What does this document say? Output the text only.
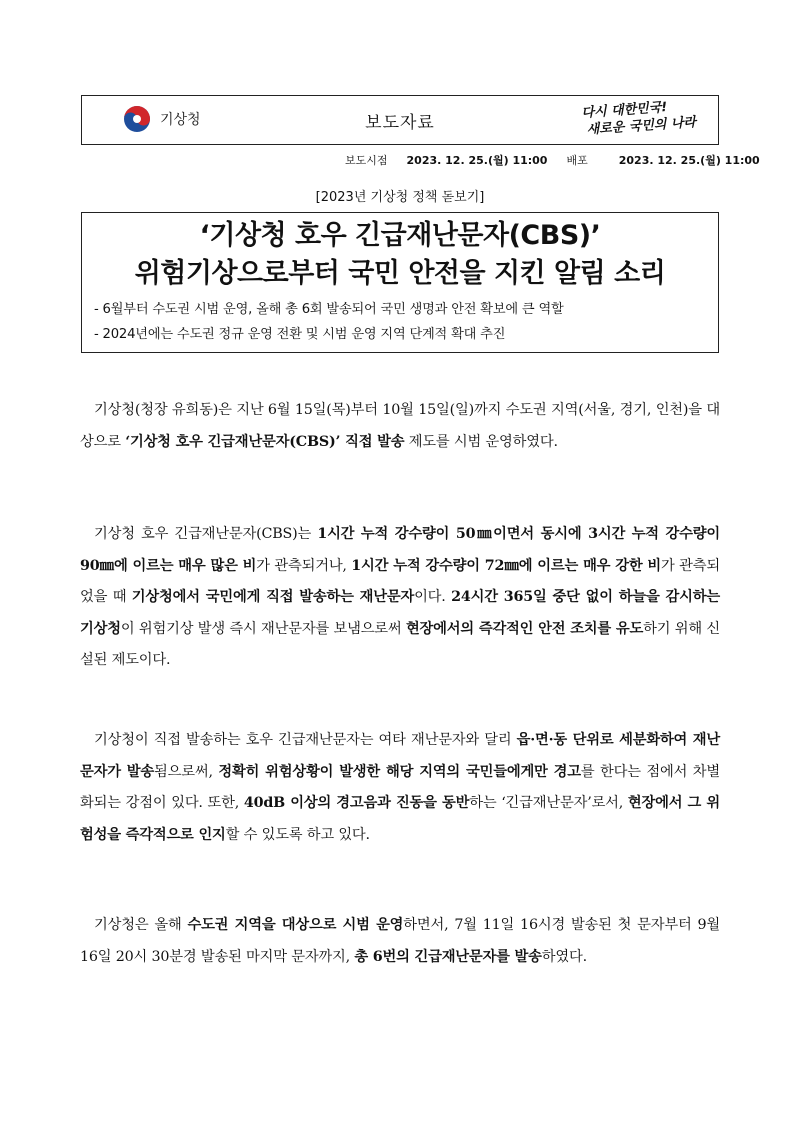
기상청	보도자료
다시 대한민국!
새로운 국민의 나라
보도시점 2023. 12. 25.(월) 11:00 배포	2023. 12. 25.(월) 11:00
[2023년 기상청 정책 돋보기]
‘기상청 호우 긴급재난문자(CBS)’
위험기상으로부터 국민 안전을 지킨 알림 소리
- 6월부터 수도권 시범 운영, 올해 총 6회 발송되어 국민 생명과 안전 확보에 큰 역할
- 2024년에는 수도권 정규 운영 전환 및 시범 운영 지역 단계적 확대 추진

기상청(청장 유희동)은 지난 6월 15일(목)부터 10월 15일(일)까지 수도권 지역(서울, 경기, 인천)을 대상으로 ‘기상청 호우 긴급재난문자(CBS)’ 직접 발송 제도를 시범 운영하였다.

기상청 호우 긴급재난문자(CBS)는 1시간 누적 강수량이 50㎜이면서 동시에 3시간 누적 강수량이 90㎜에 이르는 매우 많은 비가 관측되거나, 1시간 누적 강수량이 72㎜에 이르는 매우 강한 비가 관측되었을 때 기상청에서 국민에게 직접 발송하는 재난문자이다. 24시간 365일 중단 없이 하늘을 감시하는 기상청이 위험기상 발생 즉시 재난문자를 보냄으로써 현장에서의 즉각적인 안전 조치를 유도하기 위해 신설된 제도이다.

기상청이 직접 발송하는 호우 긴급재난문자는 여타 재난문자와 달리 읍·면·동 단위로 세분화하여 재난문자가 발송됨으로써, 정확히 위험상황이 발생한 해당 지역의 국민들에게만 경고를 한다는 점에서 차별화되는 강점이 있다. 또한, 40dB 이상의 경고음과 진동을 동반하는 ‘긴급재난문자’로서, 현장에서 그 위험성을 즉각적으로 인지할 수 있도록 하고 있다.

기상청은 올해 수도권 지역을 대상으로 시범 운영하면서, 7월 11일 16시경 발송된 첫 문자부터 9월 16일 20시 30분경 발송된 마지막 문자까지, 총 6번의 긴급재난문자를 발송하였다.
